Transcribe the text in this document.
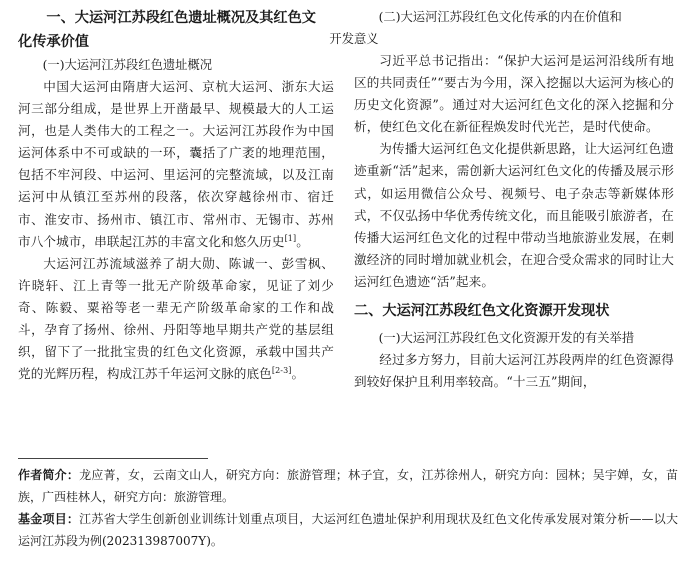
一、大运河江苏段红色遗址概况及其红色文
化传承价值

(一)大运河江苏段红色遗址概况

中国大运河由隋唐大运河、京杭大运河、浙东大运河三部分组成，是世界上开凿最早、规模最大的人工运河，也是人类伟大的工程之一。大运河江苏段作为中国运河体系中不可或缺的一环，囊括了广袤的地理范围，包括不牢河段、中运河、里运河的完整流域，以及江南运河中从镇江至苏州的段落，依次穿越徐州市、宿迁市、淮安市、扬州市、镇江市、常州市、无锡市、苏州市八个城市，串联起江苏的丰富文化和悠久历史[1]。

大运河江苏流域滋养了胡大勋、陈诚一、彭雪枫、许晓轩、江上青等一批无产阶级革命家，见证了刘少奇、陈毅、粟裕等老一辈无产阶级革命家的工作和战斗，孕育了扬州、徐州、丹阳等地早期共产党的基层组织，留下了一批批宝贵的红色文化资源，承载中国共产党的光辉历程，构成江苏千年运河文脉的底色[2-3]。

(二)大运河江苏段红色文化传承的内在价值和
开发意义

习近平总书记指出：“保护大运河是运河沿线所有地区的共同责任”“要古为今用，深入挖掘以大运河为核心的历史文化资源”。通过对大运河红色文化的深入挖掘和分析，使红色文化在新征程焕发时代光芒，是时代使命。

为传播大运河红色文化提供新思路，让大运河红色遗迹重新“活”起来，需创新大运河红色文化的传播及展示形式，如运用微信公众号、视频号、电子杂志等新媒体形式，不仅弘扬中华优秀传统文化，而且能吸引旅游者，在传播大运河红色文化的过程中带动当地旅游业发展，在刺激经济的同时增加就业机会，在迎合受众需求的同时让大运河红色遗迹“活”起来。

二、大运河江苏段红色文化资源开发现状

(一)大运河江苏段红色文化资源开发的有关举措

经过多方努力，目前大运河江苏段两岸的红色资源得到较好保护且利用率较高。“十三五”期间，

作者简介：龙应菁，女，云南文山人，研究方向：旅游管理；林子宜，女，江苏徐州人，研究方向：园林；吴宇婵，女，苗族，广西桂林人，研究方向：旅游管理。

基金项目：江苏省大学生创新创业训练计划重点项目，大运河红色遗址保护利用现状及红色文化传承发展对策分析——以大运河江苏段为例(202313987007Y)。
